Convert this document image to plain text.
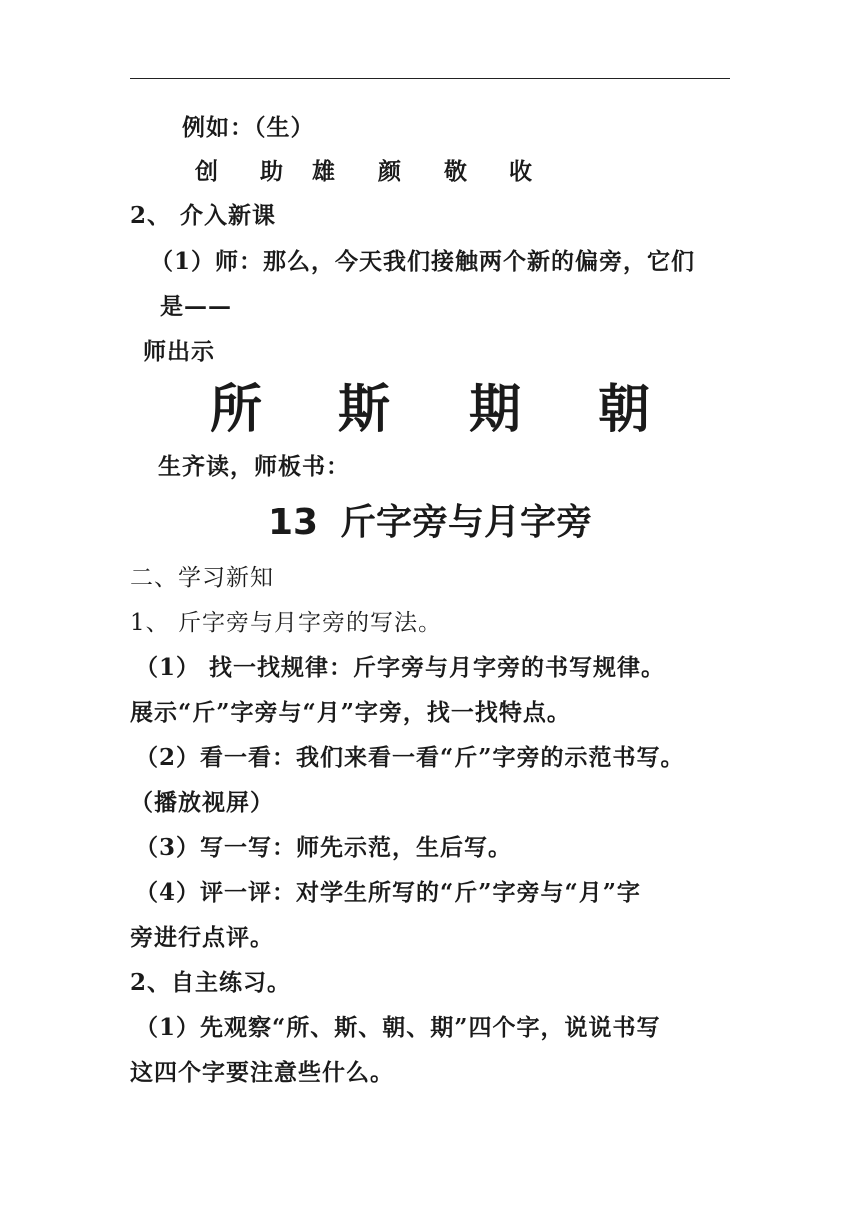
例如：（生）
创 助 雄 颜 敬 收
2、 介入新课
（1）师：那么，今天我们接触两个新的偏旁，它们
是——
师出示
所 斯 期 朝
生齐读，师板书：
13 斤字旁与月字旁
二、学习新知
1、 斤字旁与月字旁的写法。
（1） 找一找规律：斤字旁与月字旁的书写规律。
展示“斤”字旁与“月”字旁，找一找特点。
（2）看一看：我们来看一看“斤”字旁的示范书写。
（播放视屏）
（3）写一写：师先示范，生后写。
（4）评一评：对学生所写的“斤”字旁与“月”字
旁进行点评。
2、自主练习。
（1）先观察“所、斯、朝、期”四个字，说说书写
这四个字要注意些什么。
